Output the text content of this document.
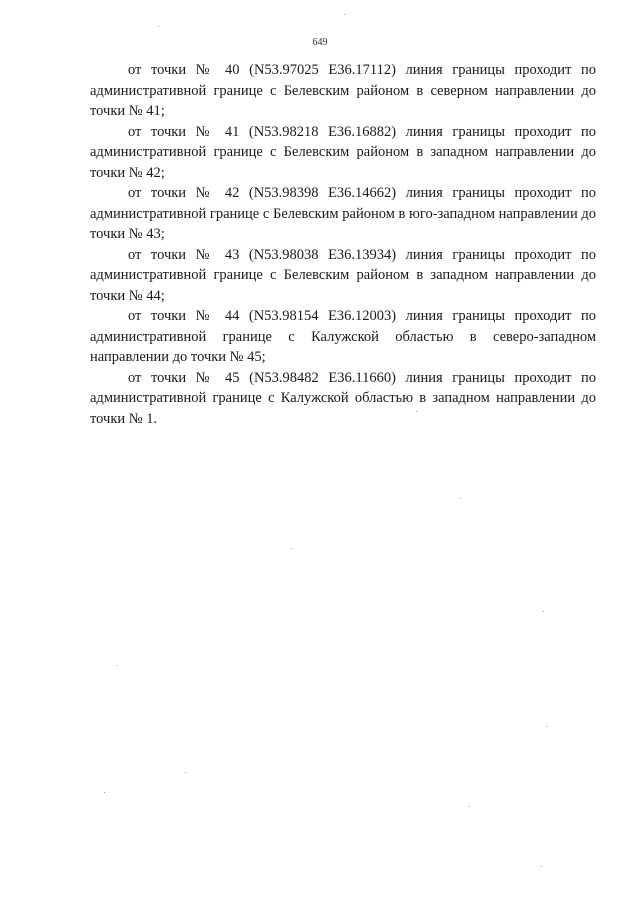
649

от точки № 40 (N53.97025 E36.17112) линия границы проходит по административной границе с Белевским районом в северном направлении до точки № 41;

от точки № 41 (N53.98218 E36.16882) линия границы проходит по административной границе с Белевским районом в западном направлении до точки № 42;

от точки № 42 (N53.98398 E36.14662) линия границы проходит по административной границе с Белевским районом в юго-западном направлении до точки № 43;

от точки № 43 (N53.98038 E36.13934) линия границы проходит по административной границе с Белевским районом в западном направлении до точки № 44;

от точки № 44 (N53.98154 E36.12003) линия границы проходит по административной границе с Калужской областью в северо-западном направлении до точки № 45;

от точки № 45 (N53.98482 E36.11660) линия границы проходит по административной границе с Калужской областью в западном направлении до точки № 1.
